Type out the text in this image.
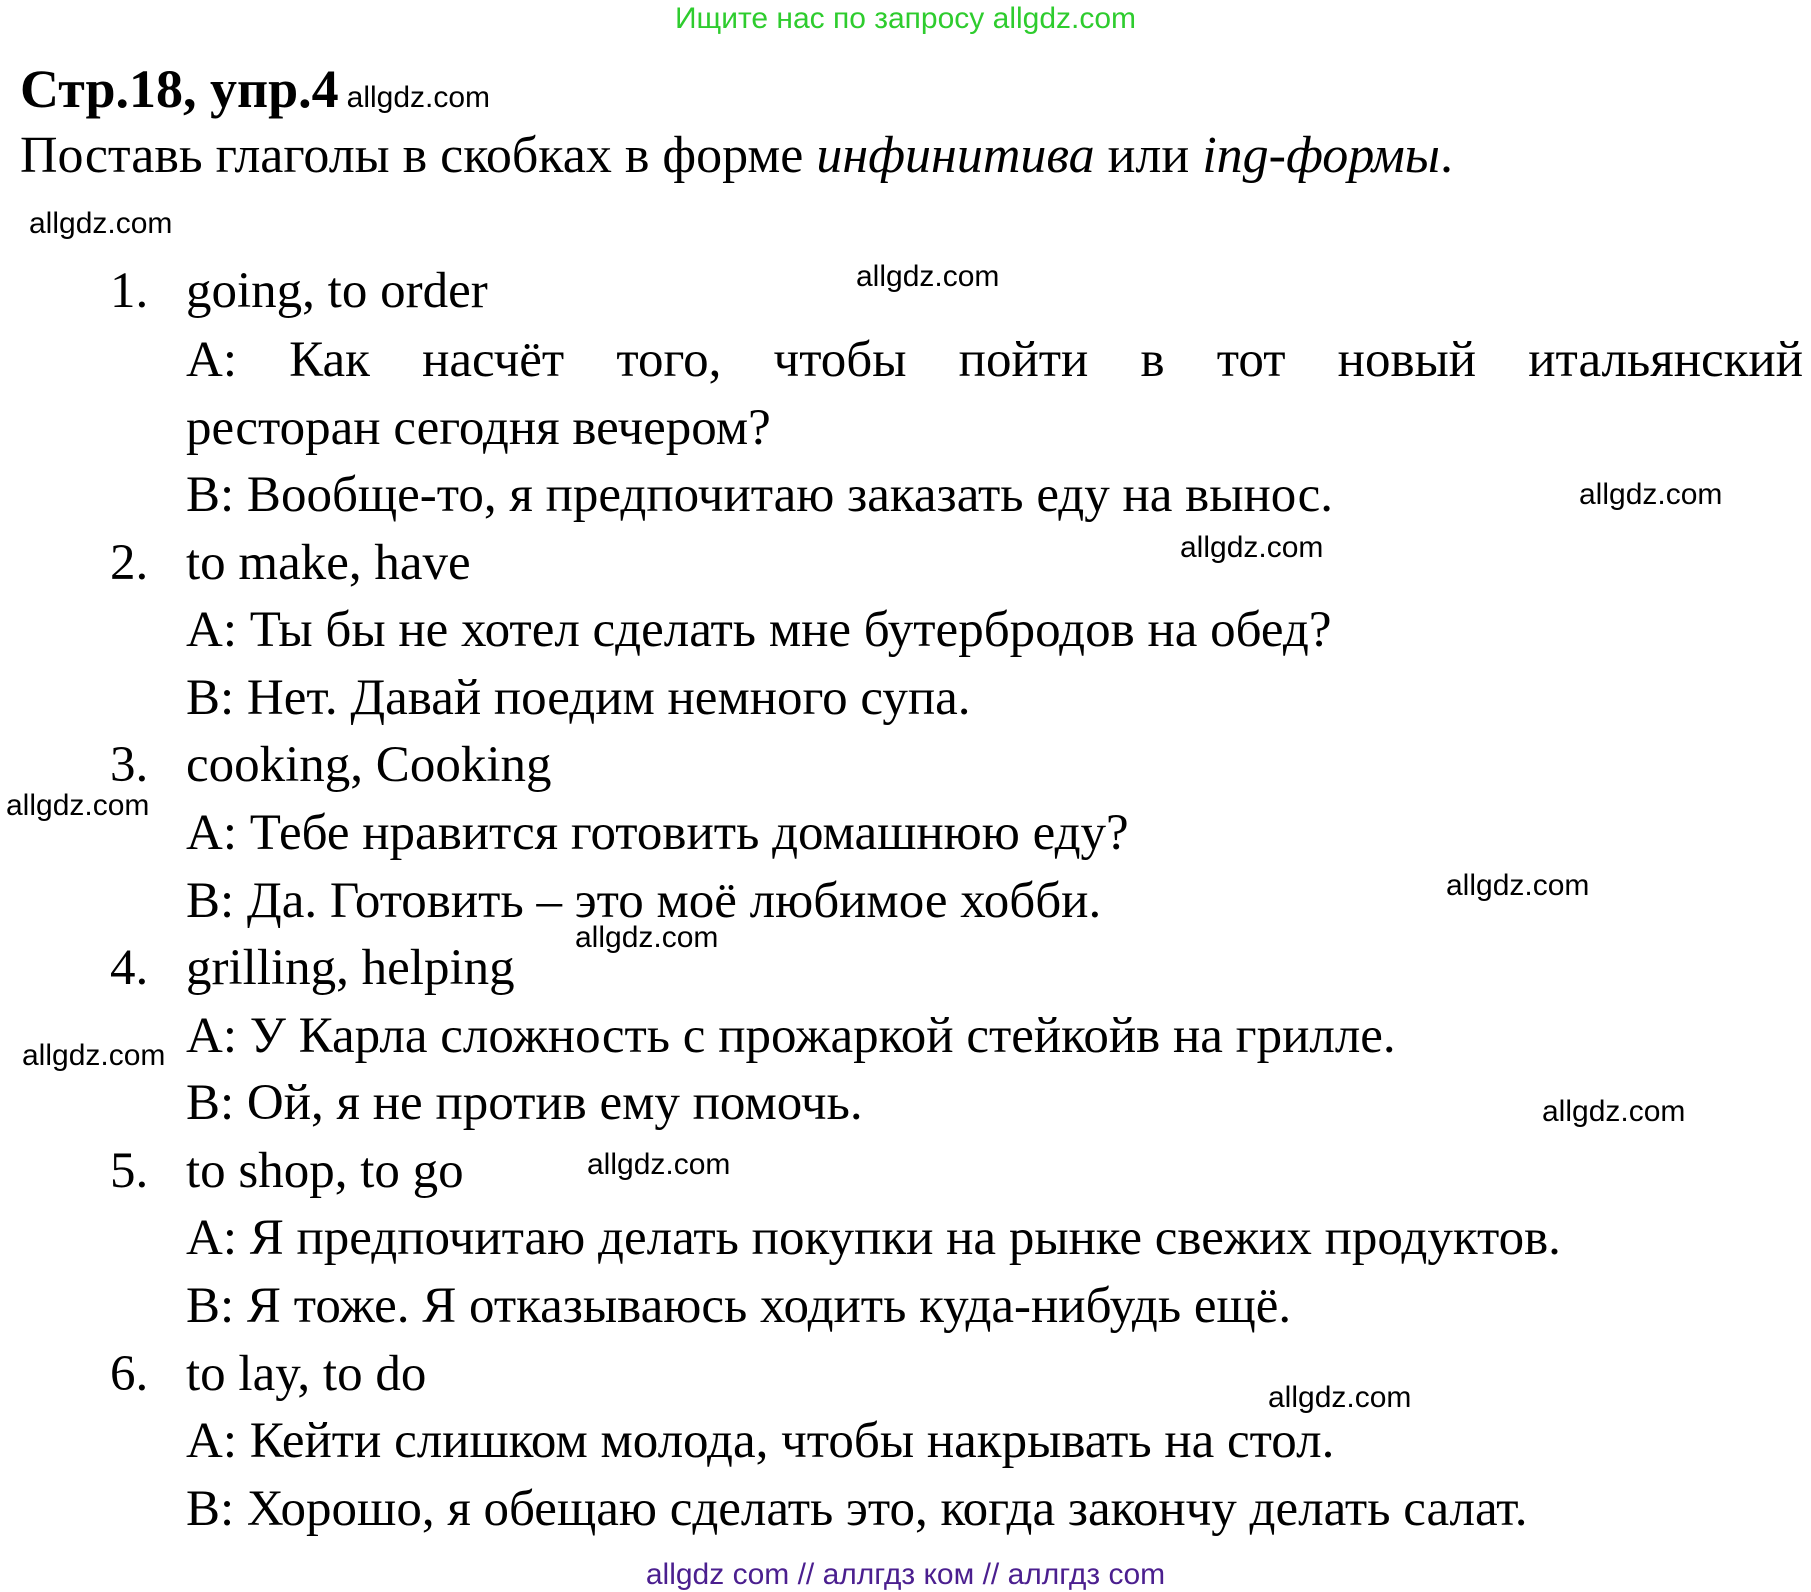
Ищите нас по запросу allgdz.com
Стр.18, упр.4 allgdz.com
Поставь глаголы в скобках в форме инфинитива или ing-формы.
1. going, to order
А: Как насчёт того, чтобы пойти в тот новый итальянский
ресторан сегодня вечером?
В: Вообще-то, я предпочитаю заказать еду на вынос.
2. to make, have
А: Ты бы не хотел сделать мне бутербродов на обед?
В: Нет. Давай поедим немного супа.
3. cooking, Cooking
А: Тебе нравится готовить домашнюю еду?
В: Да. Готовить – это моё любимое хобби.
4. grilling, helping
А: У Карла сложность с прожаркой стейкойв на грилле.
В: Ой, я не против ему помочь.
5. to shop, to go
А: Я предпочитаю делать покупки на рынке свежих продуктов.
В: Я тоже. Я отказываюсь ходить куда-нибудь ещё.
6. to lay, to do
А: Кейти слишком молода, чтобы накрывать на стол.
В: Хорошо, я обещаю сделать это, когда закончу делать салат.
allgdz.com
allgdz.com
allgdz.com
allgdz.com
allgdz.com
allgdz.com
allgdz.com
allgdz.com
allgdz.com
allgdz.com
allgdz.com
allgdz com // аллгдз ком // аллгдз com
